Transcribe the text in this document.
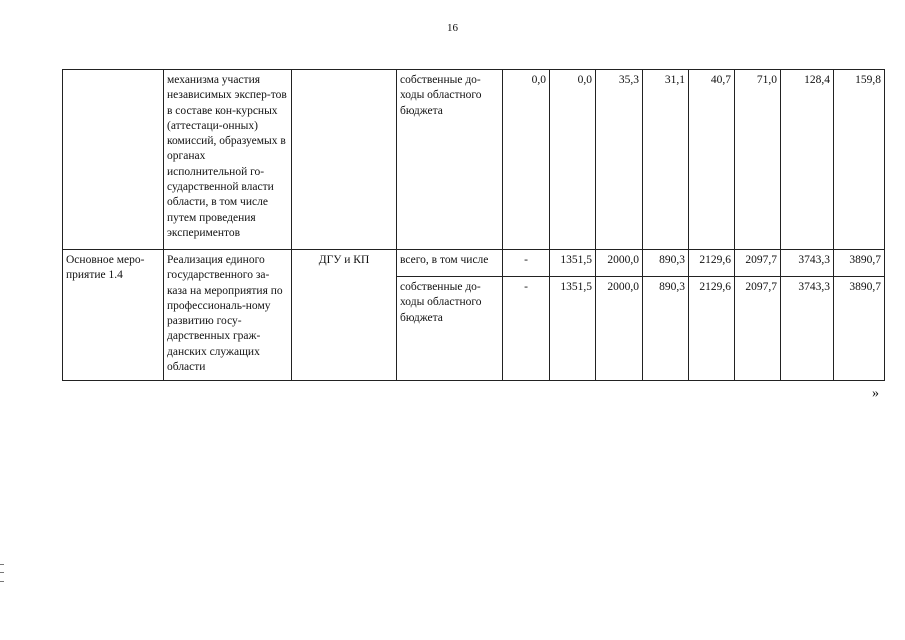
16
	механизма участия независимых экспер-тов в составе кон-курсных (аттестаци-онных) комиссий, образуемых в органах исполнительной го-сударственной власти области, в том числе путем проведения экспериментов		собственные до-ходы областного бюджета	0,0	0,0	35,3	31,1	40,7	71,0	128,4	159,8
Основное меро-приятие 1.4	Реализация единого государственного за-каза на мероприятия по профессиональ-ному развитию госу-дарственных граж-данских служащих области	ДГУ и КП	всего, в том числе	-	1351,5	2000,0	890,3	2129,6	2097,7	3743,3	3890,7
			собственные до-ходы областного бюджета	-	1351,5	2000,0	890,3	2129,6	2097,7	3743,3	3890,7
»
